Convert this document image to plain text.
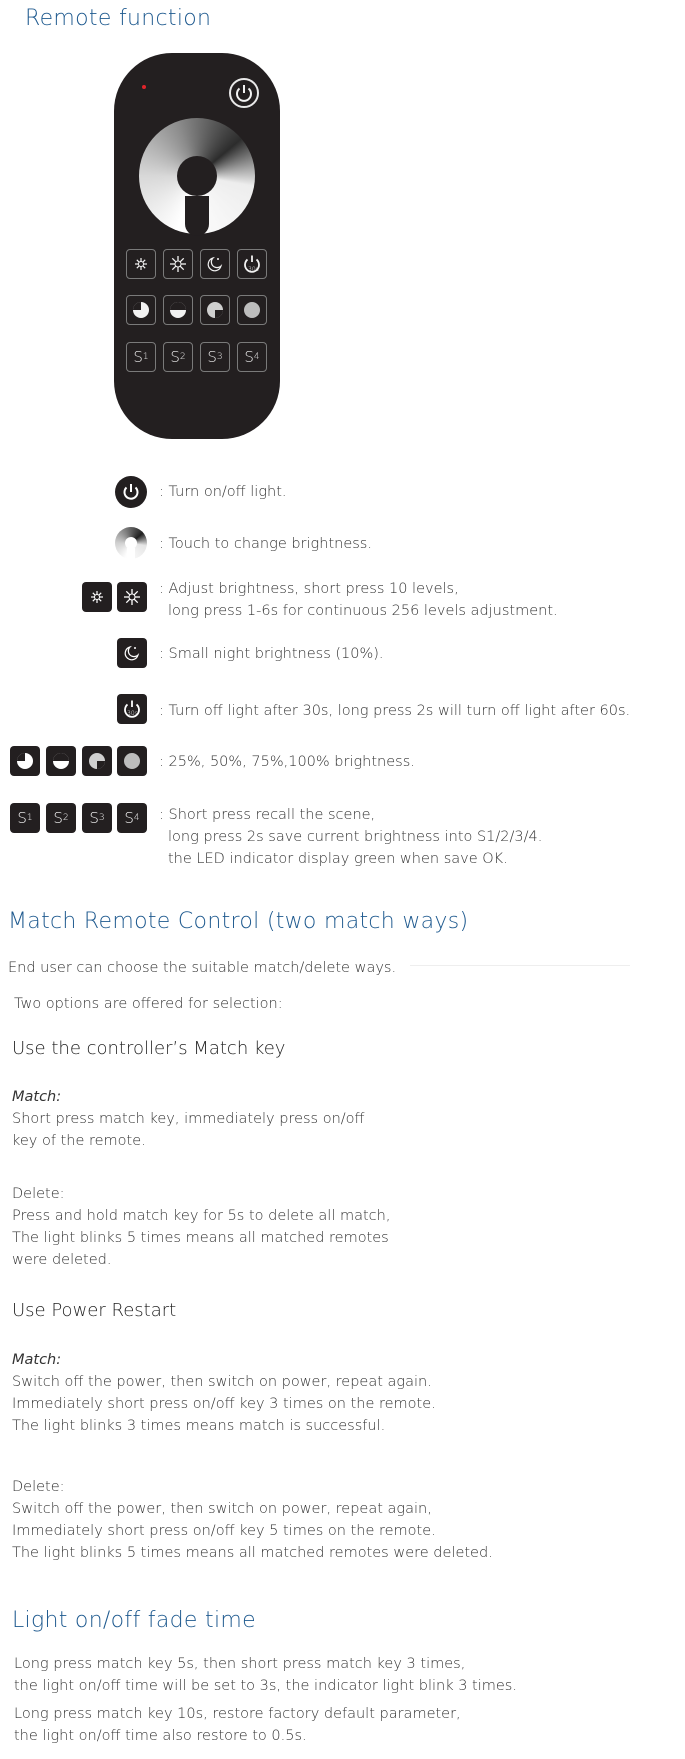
Remote function
30s
S 1 S 2 S 3 S 4
: Turn on/off light.
: Touch to change brightness.
: Adjust brightness, short press 10 levels,
long press 1-6s for continuous 256 levels adjustment.
: Small night brightness (10%).
30s : Turn off light after 30s, long press 2s will turn off light after 60s.
: 25%, 50%, 75%,100% brightness.
S 1 S 2 S 3 S 4 : Short press recall the scene,
long press 2s save current brightness into S1/2/3/4.
the LED indicator display green when save OK.
Match Remote Control (two match ways)
End user can choose the suitable match/delete ways.
Two options are offered for selection:
Use the controller’s Match key
Match:
Short press match key, immediately press on/off
key of the remote.
Delete:
Press and hold match key for 5s to delete all match,
The light blinks 5 times means all matched remotes
were deleted.
Use Power Restart
Match:
Switch off the power, then switch on power, repeat again.
Immediately short press on/off key 3 times on the remote.
The light blinks 3 times means match is successful.
Delete:
Switch off the power, then switch on power, repeat again,
Immediately short press on/off key 5 times on the remote.
The light blinks 5 times means all matched remotes were deleted.
Light on/off fade time
Long press match key 5s, then short press match key 3 times,
the light on/off time will be set to 3s, the indicator light blink 3 times.
Long press match key 10s, restore factory default parameter,
the light on/off time also restore to 0.5s.
